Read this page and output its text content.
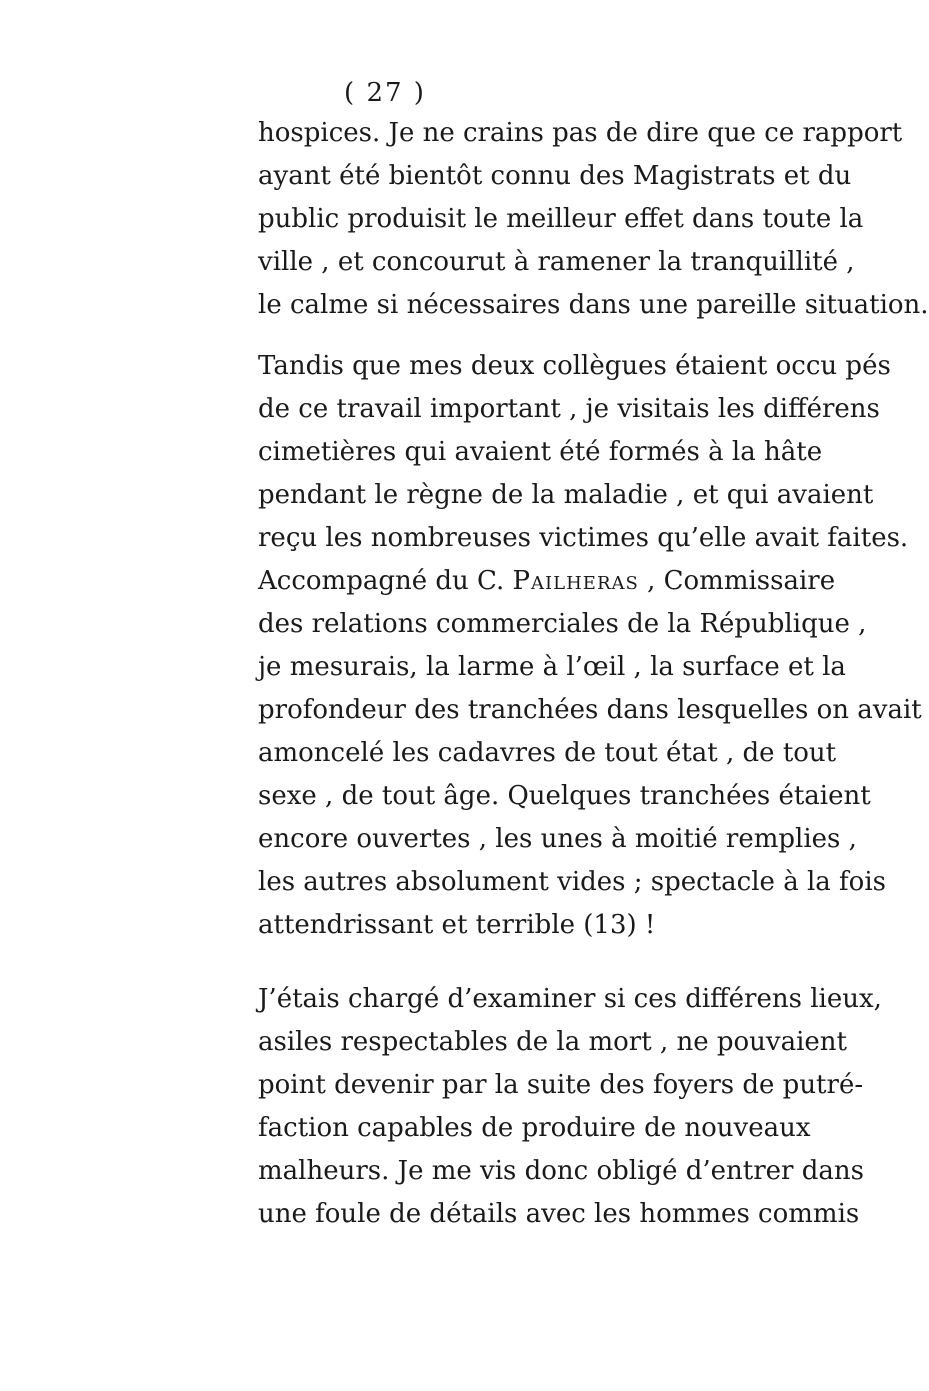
( 27 )
hospices. Je ne crains pas de dire que ce rapport
ayant été bientôt connu des Magistrats et du
public produisit le meilleur effet dans toute la
ville , et concourut à ramener la tranquillité ,
le calme si nécessaires dans une pareille situation.
Tandis que mes deux collègues étaient occu pés
de ce travail important , je visitais les différens
cimetières qui avaient été formés à la hâte
pendant le règne de la maladie , et qui avaient
reçu les nombreuses victimes qu’elle avait faites.
Accompagné du C. Pailheras , Commissaire
des relations commerciales de la République ,
je mesurais, la larme à l’œil , la surface et la
profondeur des tranchées dans lesquelles on avait
amoncelé les cadavres de tout état , de tout
sexe , de tout âge. Quelques tranchées étaient
encore ouvertes , les unes à moitié remplies ,
les autres absolument vides ; spectacle à la fois
attendrissant et terrible (13) !
J’étais chargé d’examiner si ces différens lieux,
asiles respectables de la mort , ne pouvaient
point devenir par la suite des foyers de putré-
faction capables de produire de nouveaux
malheurs. Je me vis donc obligé d’entrer dans
une foule de détails avec les hommes commis
